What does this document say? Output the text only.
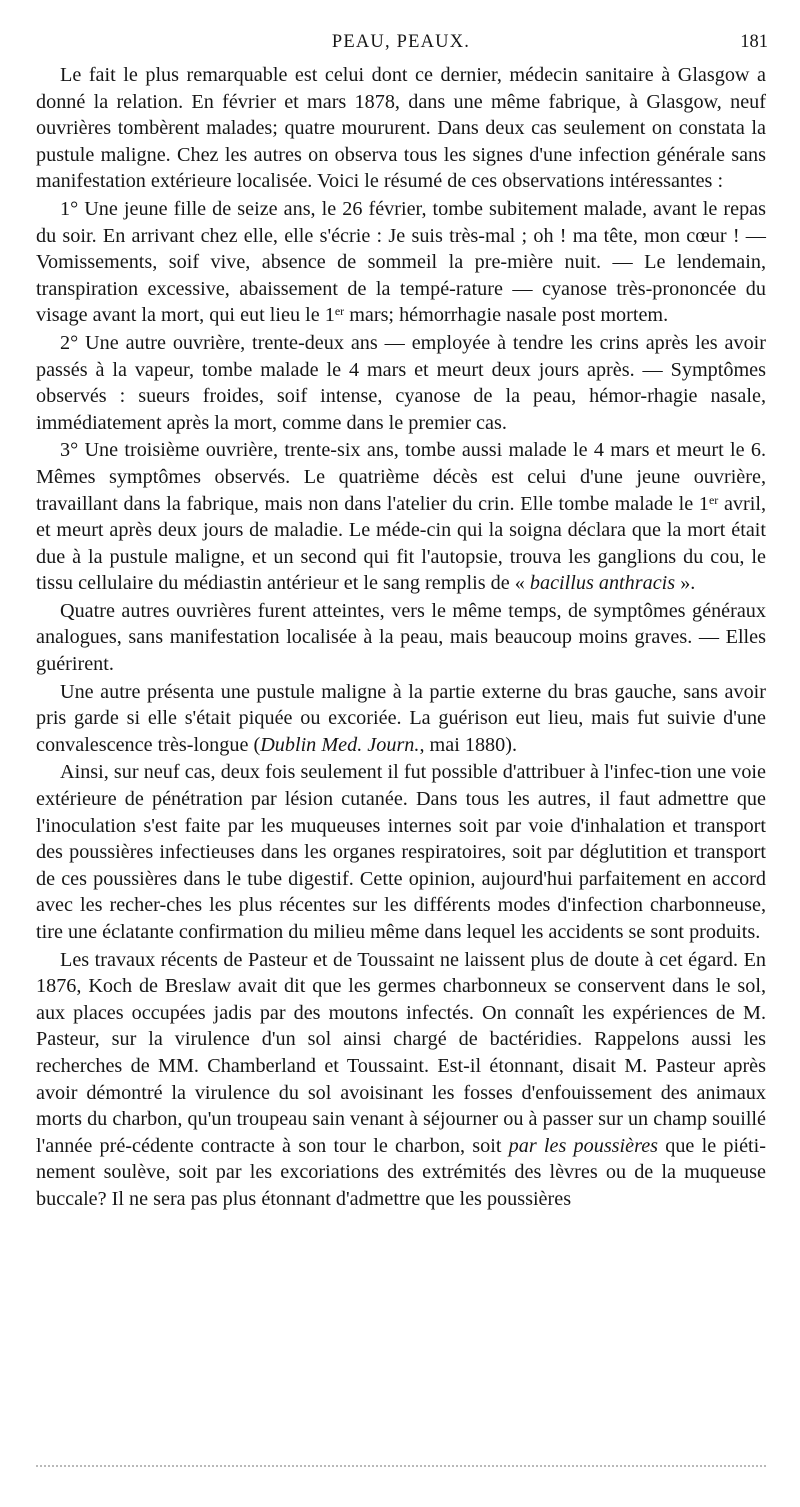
PEAU, PEAUX.	181

Le fait le plus remarquable est celui dont ce dernier, médecin sanitaire à Glasgow a donné la relation. En février et mars 1878, dans une même fabrique, à Glasgow, neuf ouvrières tombèrent malades; quatre moururent. Dans deux cas seulement on constata la pustule maligne. Chez les autres on observa tous les signes d'une infection générale sans manifestation extérieure localisée. Voici le résumé de ces observations intéressantes :

1° Une jeune fille de seize ans, le 26 février, tombe subitement malade, avant le repas du soir. En arrivant chez elle, elle s'écrie : Je suis très-mal ; oh ! ma tête, mon cœur ! — Vomissements, soif vive, absence de sommeil la pre-mière nuit. — Le lendemain, transpiration excessive, abaissement de la tempé-rature — cyanose très-prononcée du visage avant la mort, qui eut lieu le 1er mars; hémorrhagie nasale post mortem.

2° Une autre ouvrière, trente-deux ans — employée à tendre les crins après les avoir passés à la vapeur, tombe malade le 4 mars et meurt deux jours après. — Symptômes observés : sueurs froides, soif intense, cyanose de la peau, hémor-rhagie nasale, immédiatement après la mort, comme dans le premier cas.

3° Une troisième ouvrière, trente-six ans, tombe aussi malade le 4 mars et meurt le 6. Mêmes symptômes observés. Le quatrième décès est celui d'une jeune ouvrière, travaillant dans la fabrique, mais non dans l'atelier du crin. Elle tombe malade le 1er avril, et meurt après deux jours de maladie. Le méde-cin qui la soigna déclara que la mort était due à la pustule maligne, et un second qui fit l'autopsie, trouva les ganglions du cou, le tissu cellulaire du médiastin antérieur et le sang remplis de « bacillus anthracis ».

Quatre autres ouvrières furent atteintes, vers le même temps, de symptômes généraux analogues, sans manifestation localisée à la peau, mais beaucoup moins graves. — Elles guérirent.

Une autre présenta une pustule maligne à la partie externe du bras gauche, sans avoir pris garde si elle s'était piquée ou excoriée. La guérison eut lieu, mais fut suivie d'une convalescence très-longue (Dublin Med. Journ., mai 1880).

Ainsi, sur neuf cas, deux fois seulement il fut possible d'attribuer à l'infec-tion une voie extérieure de pénétration par lésion cutanée. Dans tous les autres, il faut admettre que l'inoculation s'est faite par les muqueuses internes soit par voie d'inhalation et transport des poussières infectieuses dans les organes respiratoires, soit par déglutition et transport de ces poussières dans le tube digestif. Cette opinion, aujourd'hui parfaitement en accord avec les recher-ches les plus récentes sur les différents modes d'infection charbonneuse, tire une éclatante confirmation du milieu même dans lequel les accidents se sont produits.

Les travaux récents de Pasteur et de Toussaint ne laissent plus de doute à cet égard. En 1876, Koch de Breslaw avait dit que les germes charbonneux se conservent dans le sol, aux places occupées jadis par des moutons infectés. On connaît les expériences de M. Pasteur, sur la virulence d'un sol ainsi chargé de bactéridies. Rappelons aussi les recherches de MM. Chamberland et Toussaint. Est-il étonnant, disait M. Pasteur après avoir démontré la virulence du sol avoisinant les fosses d'enfouissement des animaux morts du charbon, qu'un troupeau sain venant à séjourner ou à passer sur un champ souillé l'année pré-cédente contracte à son tour le charbon, soit par les poussières que le piéti-nement soulève, soit par les excoriations des extrémités des lèvres ou de la muqueuse buccale? Il ne sera pas plus étonnant d'admettre que les poussières
